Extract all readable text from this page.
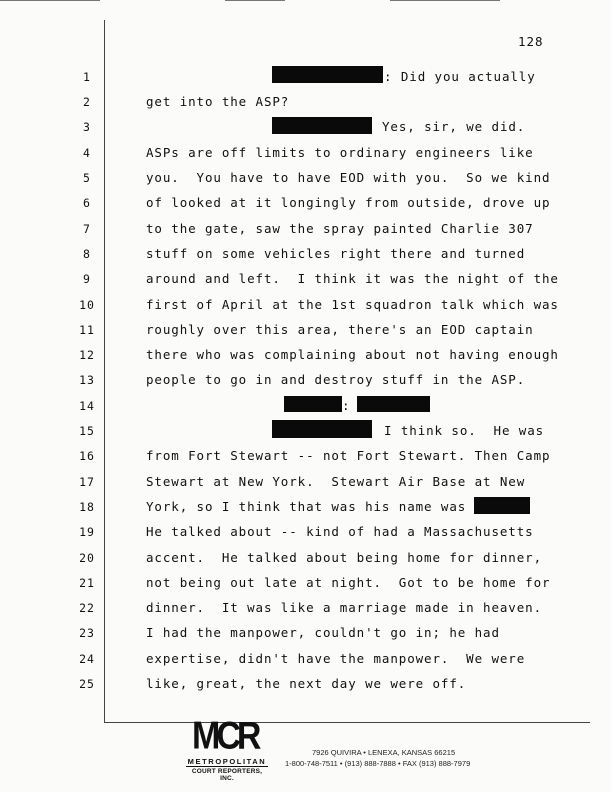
128
1
2
3
4
5
6
7
8
9
10
11
12
13
14
15
16
17
18
19
20
21
22
23
24
25
: Did you actually
get into the ASP?
Yes, sir, we did.
ASPs are off limits to ordinary engineers like
you.  You have to have EOD with you.  So we kind
of looked at it longingly from outside, drove up
to the gate, saw the spray painted Charlie 307
stuff on some vehicles right there and turned
around and left.  I think it was the night of the
first of April at the 1st squadron talk which was
roughly over this area, there's an EOD captain
there who was complaining about not having enough
people to go in and destroy stuff in the ASP.
:
I think so.  He was
from Fort Stewart -- not Fort Stewart. Then Camp
Stewart at New York.  Stewart Air Base at New
York, so I think that was his name was
He talked about -- kind of had a Massachusetts
accent.  He talked about being home for dinner,
not being out late at night.  Got to be home for
dinner.  It was like a marriage made in heaven.
I had the manpower, couldn't go in; he had
expertise, didn't have the manpower.  We were
like, great, the next day we were off.
MCR
METROPOLITAN
COURT REPORTERS, INC.
7926 QUIVIRA • LENEXA, KANSAS 66215
1-800-748-7511 • (913) 888-7888 • FAX (913) 888-7979
